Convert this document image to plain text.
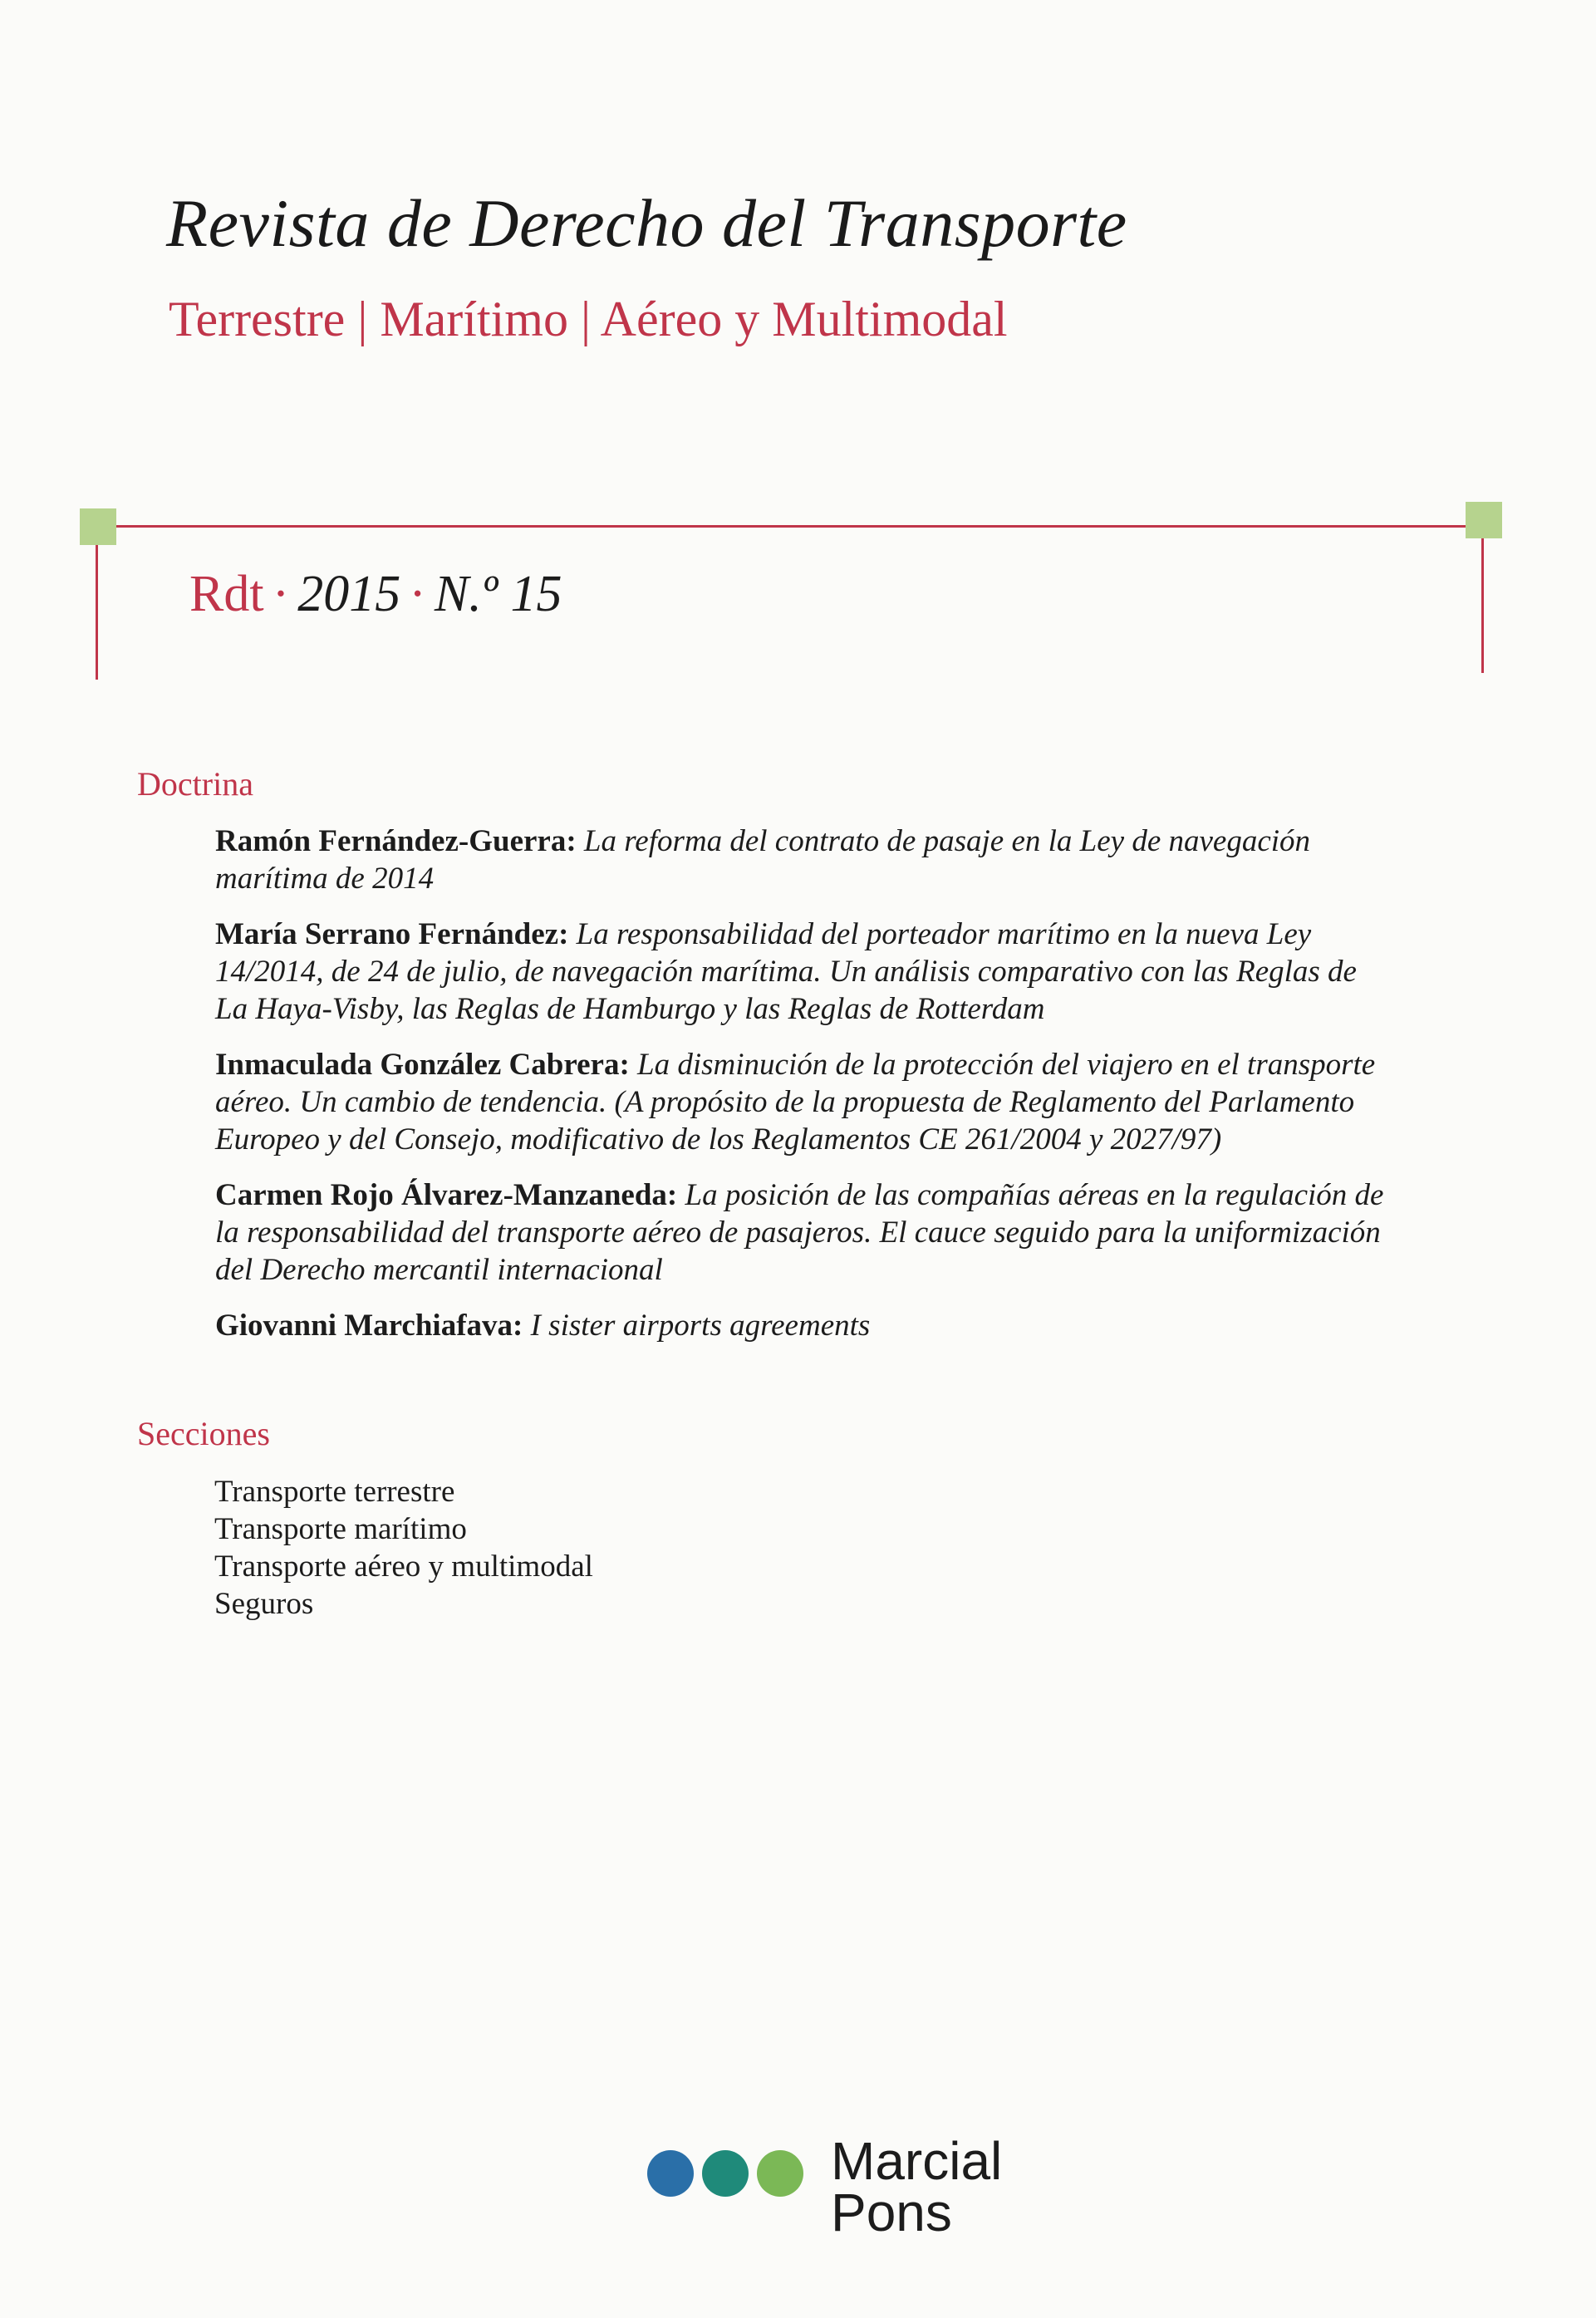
Revista de Derecho del Transporte
Terrestre | Marítimo | Aéreo y Multimodal
Rdt · 2015 · N.º 15
Doctrina

Ramón Fernández-Guerra: La reforma del contrato de pasaje en la Ley de navegación marítima de 2014

María Serrano Fernández: La responsabilidad del porteador marítimo en la nueva Ley 14/2014, de 24 de julio, de navegación marítima. Un análisis comparativo con las Reglas de La Haya-Visby, las Reglas de Hamburgo y las Reglas de Rotterdam

Inmaculada González Cabrera: La disminución de la protección del viajero en el transporte aéreo. Un cambio de tendencia. (A propósito de la propuesta de Reglamento del Parlamento Europeo y del Consejo, modificativo de los Reglamentos CE 261/2004 y 2027/97)

Carmen Rojo Álvarez-Manzaneda: La posición de las compañías aéreas en la regulación de la responsabilidad del transporte aéreo de pasajeros. El cauce seguido para la uniformización del Derecho mercantil internacional

Giovanni Marchiafava: I sister airports agreements

Secciones
Transporte terrestre
Transporte marítimo
Transporte aéreo y multimodal
Seguros
Marcial
Pons
